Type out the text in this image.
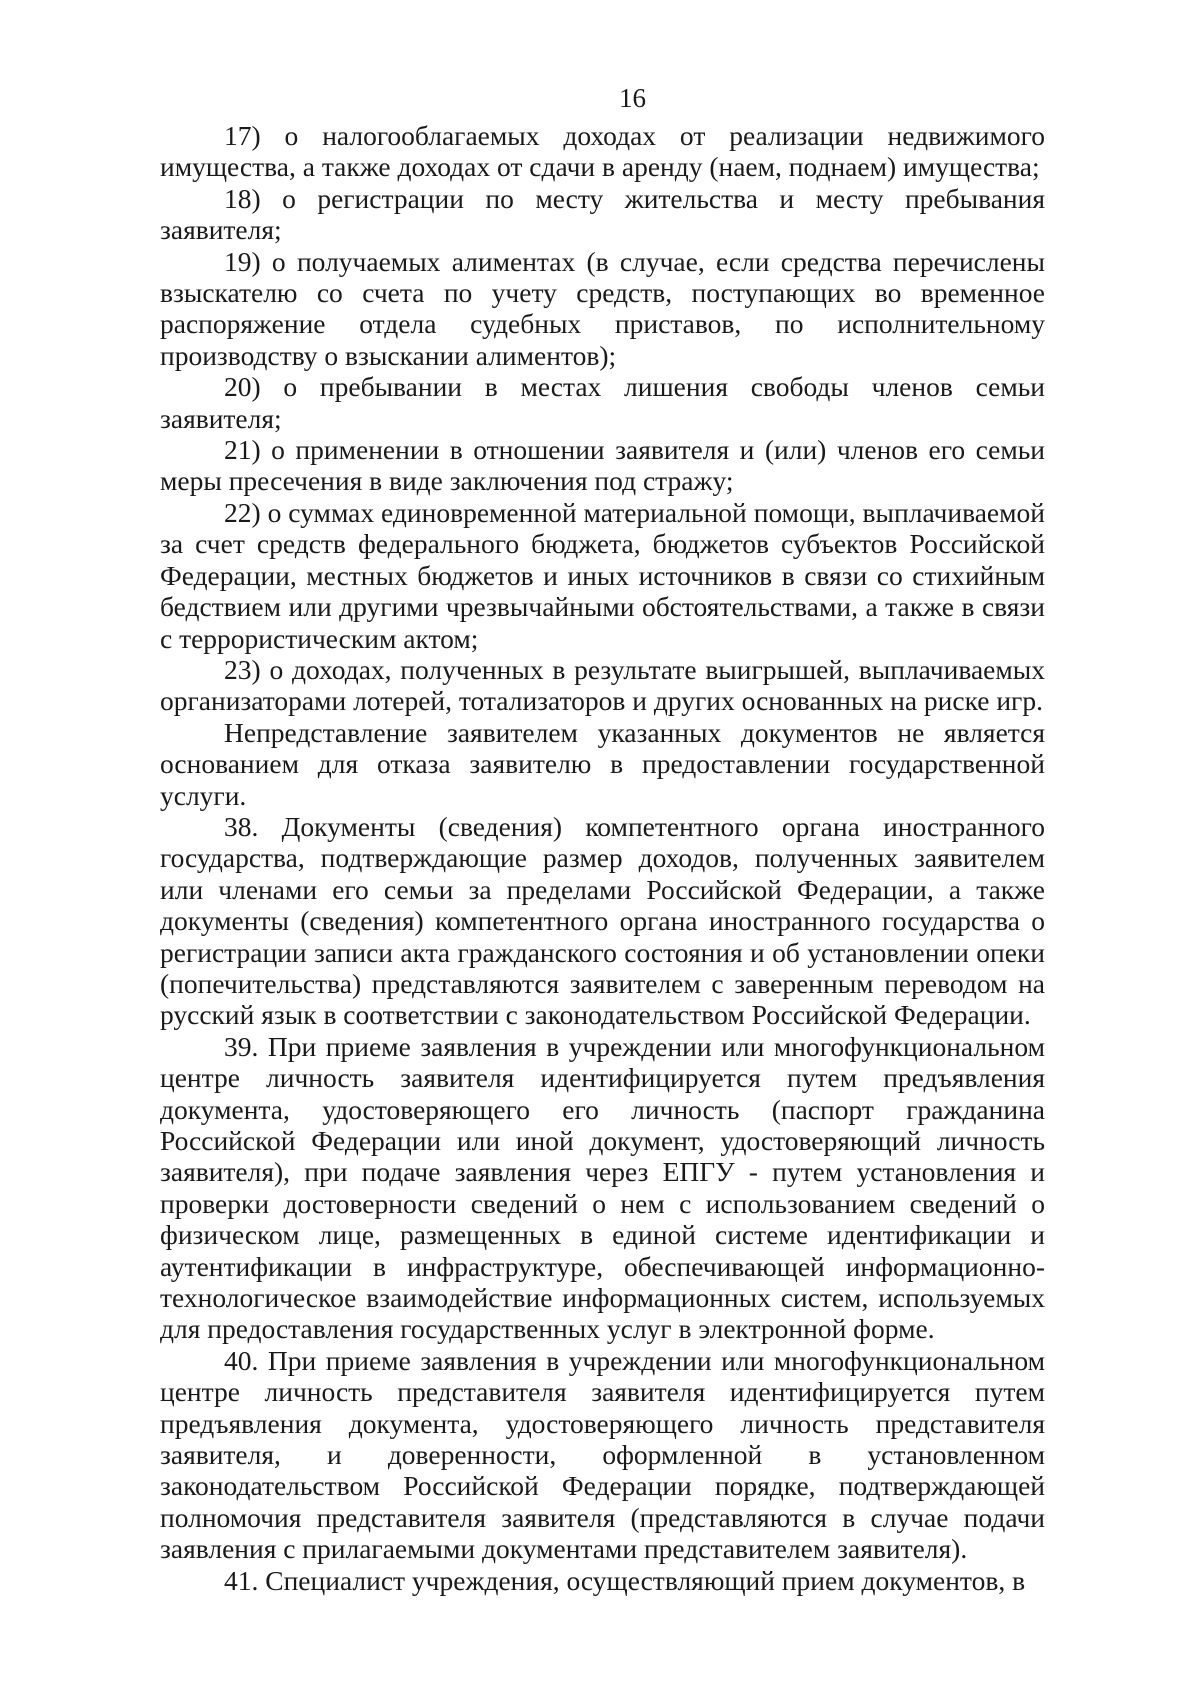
16

17) о налогооблагаемых доходах от реализации недвижимого имущества, а также доходах от сдачи в аренду (наем, поднаем) имущества;

18) о регистрации по месту жительства и месту пребывания заявителя;

19) о получаемых алиментах (в случае, если средства перечислены взыскателю со счета по учету средств, поступающих во временное распоряжение отдела судебных приставов, по исполнительному производству о взыскании алиментов);

20) о пребывании в местах лишения свободы членов семьи заявителя;

21) о применении в отношении заявителя и (или) членов его семьи меры пресечения в виде заключения под стражу;

22) о суммах единовременной материальной помощи, выплачиваемой за счет средств федерального бюджета, бюджетов субъектов Российской Федерации, местных бюджетов и иных источников в связи со стихийным бедствием или другими чрезвычайными обстоятельствами, а также в связи с террористическим актом;

23) о доходах, полученных в результате выигрышей, выплачиваемых организаторами лотерей, тотализаторов и других основанных на риске игр.

Непредставление заявителем указанных документов не является основанием для отказа заявителю в предоставлении государственной услуги.

38. Документы (сведения) компетентного органа иностранного государства, подтверждающие размер доходов, полученных заявителем или членами его семьи за пределами Российской Федерации, а также документы (сведения) компетентного органа иностранного государства о регистрации записи акта гражданского состояния и об установлении опеки (попечительства) представляются заявителем с заверенным переводом на русский язык в соответствии с законодательством Российской Федерации.

39. При приеме заявления в учреждении или многофункциональном центре личность заявителя идентифицируется путем предъявления документа, удостоверяющего его личность (паспорт гражданина Российской Федерации или иной документ, удостоверяющий личность заявителя), при подаче заявления через ЕПГУ - путем установления и проверки достоверности сведений о нем с использованием сведений о физическом лице, размещенных в единой системе идентификации и аутентификации в инфраструктуре, обеспечивающей информационно-технологическое взаимодействие информационных систем, используемых для предоставления государственных услуг в электронной форме.

40. При приеме заявления в учреждении или многофункциональном центре личность представителя заявителя идентифицируется путем предъявления документа, удостоверяющего личность представителя заявителя, и доверенности, оформленной в установленном законодательством Российской Федерации порядке, подтверждающей полномочия представителя заявителя (представляются в случае подачи заявления с прилагаемыми документами представителем заявителя).

41. Специалист учреждения, осуществляющий прием документов, в
